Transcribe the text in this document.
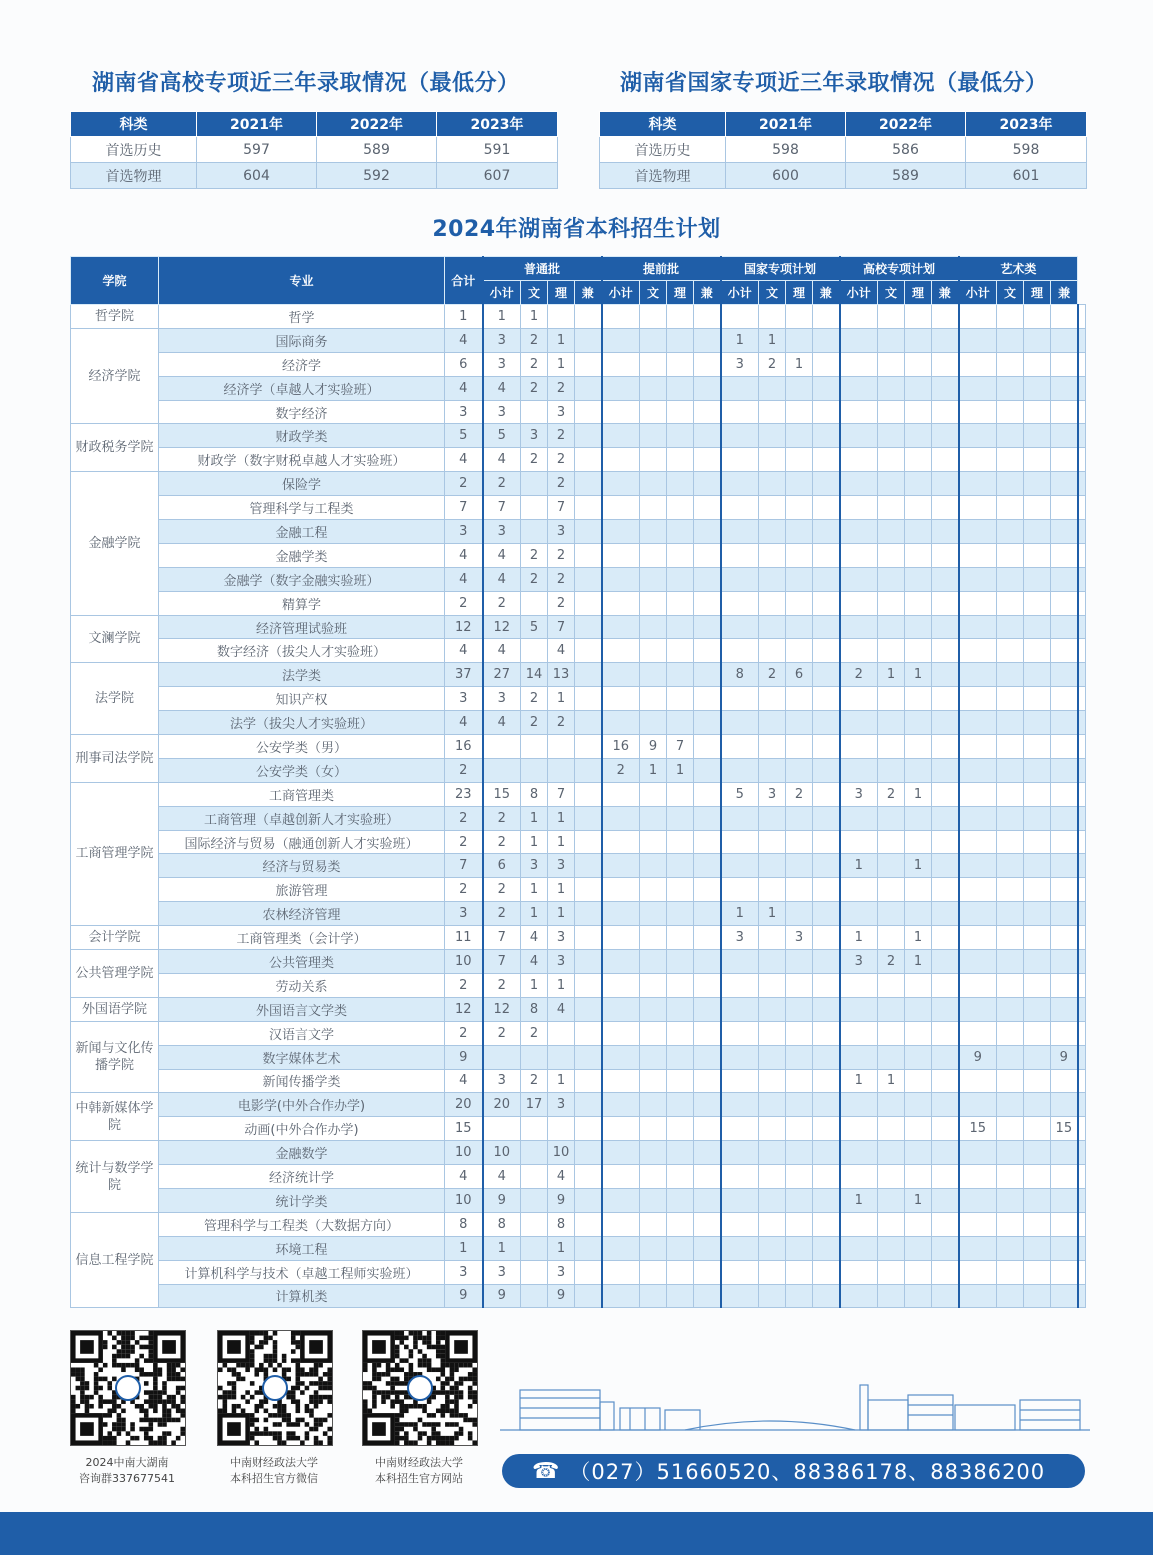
湖南省高校专项近三年录取情况（最低分）
科类	2021年	2022年	2023年
首选历史	597	589	591
首选物理	604	592	607
湖南省国家专项近三年录取情况（最低分）
科类	2021年	2022年	2023年
首选历史	598	586	598
首选物理	600	589	601
2024年湖南省本科招生计划
学院	专业	合计	普通批				提前批				国家专项计划				高校专项计划				艺术类				
			小计	文	理	兼	小计	文	理	兼	小计	文	理	兼	小计	文	理	兼	小计	文	理	兼	
哲学院	哲学	1	1	1																			
经济学院	国际商务	4	3	2	1						1	1											
	经济学	6	3	2	1						3	2	1										
	经济学（卓越人才实验班）	4	4	2	2																		
	数字经济	3	3		3																		
财政税务学院	财政学类	5	5	3	2																		
	财政学（数字财税卓越人才实验班）	4	4	2	2																		
金融学院	保险学	2	2		2																		
	管理科学与工程类	7	7		7																		
	金融工程	3	3		3																		
	金融学类	4	4	2	2																		
	金融学（数字金融实验班）	4	4	2	2																		
	精算学	2	2		2																		
文澜学院	经济管理试验班	12	12	5	7																		
	数字经济（拔尖人才实验班）	4	4		4																		
法学院	法学类	37	27	14	13						8	2	6		2	1	1						
	知识产权	3	3	2	1																		
	法学（拔尖人才实验班）	4	4	2	2																		
刑事司法学院	公安学类（男）	16					16	9	7														
	公安学类（女）	2					2	1	1														
工商管理学院	工商管理类	23	15	8	7						5	3	2		3	2	1						
	工商管理（卓越创新人才实验班）	2	2	1	1																		
	国际经济与贸易（融通创新人才实验班）	2	2	1	1																		
	经济与贸易类	7	6	3	3										1		1						
	旅游管理	2	2	1	1																		
	农林经济管理	3	2	1	1						1	1											
会计学院	工商管理类（会计学）	11	7	4	3						3		3		1		1						
公共管理学院	公共管理类	10	7	4	3										3	2	1						
	劳动关系	2	2	1	1																		
外国语学院	外国语言文学类	12	12	8	4																		
新闻与文化传播学院	汉语言文学	2	2	2																			
	数字媒体艺术	9																	9			9	
	新闻传播学类	4	3	2	1										1	1							
中韩新媒体学院	电影学(中外合作办学)	20	20	17	3																		
	动画(中外合作办学)	15																	15			15	
统计与数学学院	金融数学	10	10		10																		
	经济统计学	4	4		4																		
	统计学类	10	9		9										1		1						
信息工程学院	管理科学与工程类（大数据方向）	8	8		8																		
	环境工程	1	1		1																		
	计算机科学与技术（卓越工程师实验班）	3	3		3																		
	计算机类	9	9		9																		
2024中南大湖南
咨询群337677541
中南财经政法大学
本科招生官方微信
中南财经政法大学
本科招生官方网站	☎ （027）51660520、88386178、88386200
